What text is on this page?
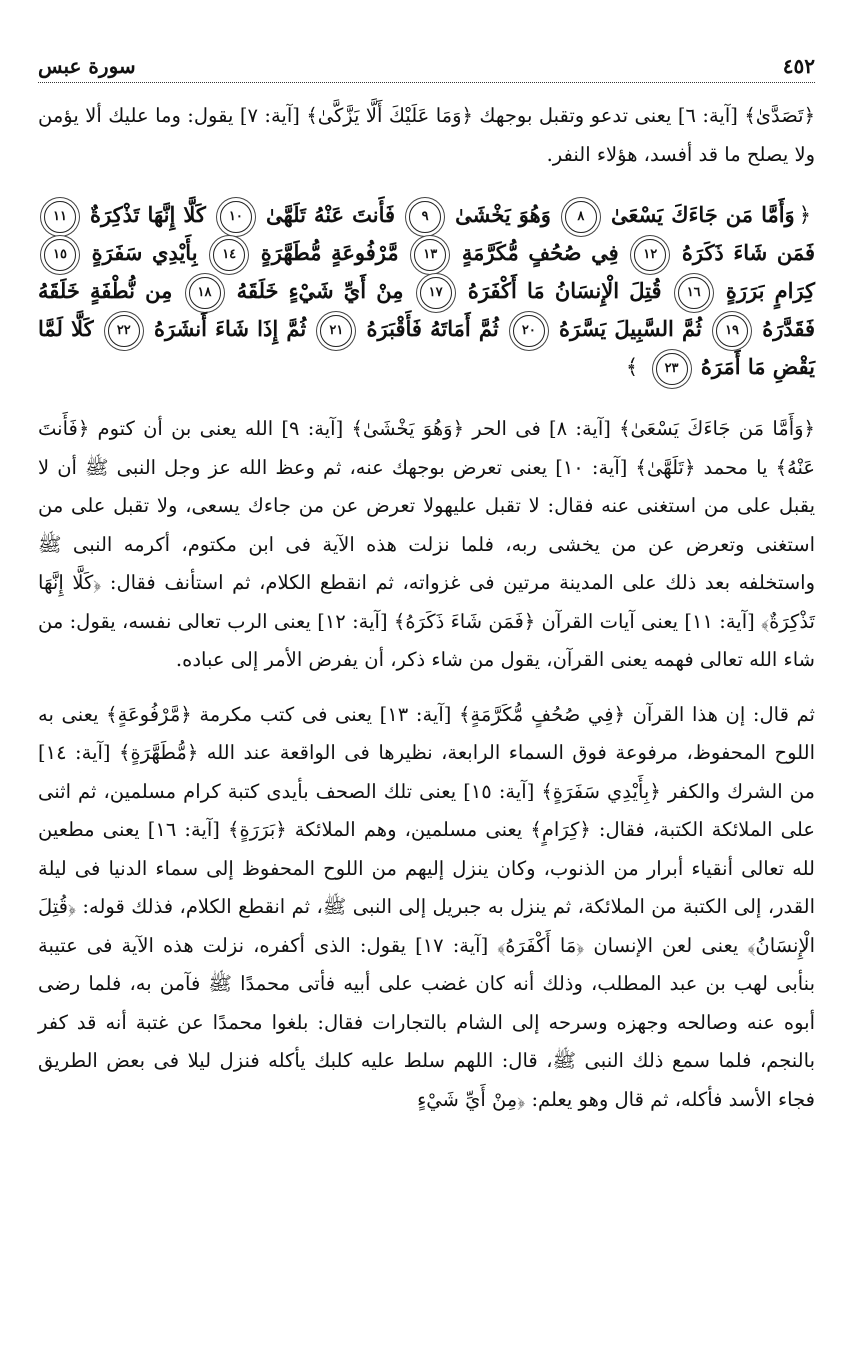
٤٥٢
سورة عبس

﴿تَصَدَّىٰ﴾ [آية: ٦] يعنى تدعو وتقبل بوجهك ﴿وَمَا عَلَيْكَ أَلَّا يَزَّكَّىٰ﴾ [آية: ٧] يقول: وما عليك ألا يؤمن ولا يصلح ما قد أفسد، هؤلاء النفر.

﴿وَأَمَّا مَن جَاءَكَ يَسْعَىٰ ٨ وَهُوَ يَخْشَىٰ ٩ فَأَنتَ عَنْهُ تَلَهَّىٰ ١٠ كَلَّا إِنَّهَا تَذْكِرَةٌ ١١ فَمَن شَاءَ ذَكَرَهُ ١٢ فِي صُحُفٍ مُّكَرَّمَةٍ ١٣ مَّرْفُوعَةٍ مُّطَهَّرَةٍ ١٤ بِأَيْدِي سَفَرَةٍ ١٥ كِرَامٍ بَرَرَةٍ ١٦ قُتِلَ الْإِنسَانُ مَا أَكْفَرَهُ ١٧ مِنْ أَيِّ شَيْءٍ خَلَقَهُ ١٨ مِن نُّطْفَةٍ خَلَقَهُ فَقَدَّرَهُ ١٩ ثُمَّ السَّبِيلَ يَسَّرَهُ ٢٠ ثُمَّ أَمَاتَهُ فَأَقْبَرَهُ ٢١ ثُمَّ إِذَا شَاءَ أَنشَرَهُ ٢٢ كَلَّا لَمَّا يَقْضِ مَا أَمَرَهُ ٢٣ ﴾

﴿وَأَمَّا مَن جَاءَكَ يَسْعَىٰ﴾ [آية: ٨] فى الحر ﴿وَهُوَ يَخْشَىٰ﴾ [آية: ٩] الله يعنى بن أن كتوم ﴿فَأَنتَ عَنْهُ﴾ يا محمد ﴿تَلَهَّىٰ﴾ [آية: ١٠] يعنى تعرض بوجهك عنه، ثم وعظ الله عز وجل النبى ﷺ أن لا يقبل على من استغنى عنه فقال: لا تقبل عليهولا تعرض عن من جاءك يسعى، ولا تقبل على من استغنى وتعرض عن من يخشى ربه، فلما نزلت هذه الآية فى ابن مكتوم، أكرمه النبى ﷺ واستخلفه بعد ذلك على المدينة مرتين فى غزواته، ثم انقطع الكلام، ثم استأنف فقال: ﴿كَلَّا إِنَّهَا تَذْكِرَةٌ﴾ [آية: ١١] يعنى آيات القرآن ﴿فَمَن شَاءَ ذَكَرَهُ﴾ [آية: ١٢] يعنى الرب تعالى نفسه، يقول: من شاء الله تعالى فهمه يعنى القرآن، يقول من شاء ذكر، أن يفرض الأمر إلى عباده.

ثم قال: إن هذا القرآن ﴿فِي صُحُفٍ مُّكَرَّمَةٍ﴾ [آية: ١٣] يعنى فى كتب مكرمة ﴿مَّرْفُوعَةٍ﴾ يعنى به اللوح المحفوظ، مرفوعة فوق السماء الرابعة، نظيرها فى الواقعة عند الله ﴿مُّطَهَّرَةٍ﴾ [آية: ١٤] من الشرك والكفر ﴿بِأَيْدِي سَفَرَةٍ﴾ [آية: ١٥] يعنى تلك الصحف بأيدى كتبة كرام مسلمين، ثم اثنى على الملائكة الكتبة، فقال: ﴿كِرَامٍ﴾ يعنى مسلمين، وهم الملائكة ﴿بَرَرَةٍ﴾ [آية: ١٦] يعنى مطعين لله تعالى أنقياء أبرار من الذنوب، وكان ينزل إليهم من اللوح المحفوظ إلى سماء الدنيا فى ليلة القدر، إلى الكتبة من الملائكة، ثم ينزل به جبريل إلى النبى ﷺ، ثم انقطع الكلام، فذلك قوله: ﴿قُتِلَ الْإِنسَانُ﴾ يعنى لعن الإنسان ﴿مَا أَكْفَرَهُ﴾ [آية: ١٧] يقول: الذى أكفره، نزلت هذه الآية فى عتيبة بنأبى لهب بن عبد المطلب، وذلك أنه كان غضب على أبيه فأتى محمدًا ﷺ فآمن به، فلما رضى أبوه عنه وصالحه وجهزه وسرحه إلى الشام بالتجارات فقال: بلغوا محمدًا عن غتبة أنه قد كفر بالنجم، فلما سمع ذلك النبى ﷺ، قال: اللهم سلط عليه كلبك يأكله فنزل ليلا فى بعض الطريق فجاء الأسد فأكله، ثم قال وهو يعلم: ﴿مِنْ أَيِّ شَيْءٍ
